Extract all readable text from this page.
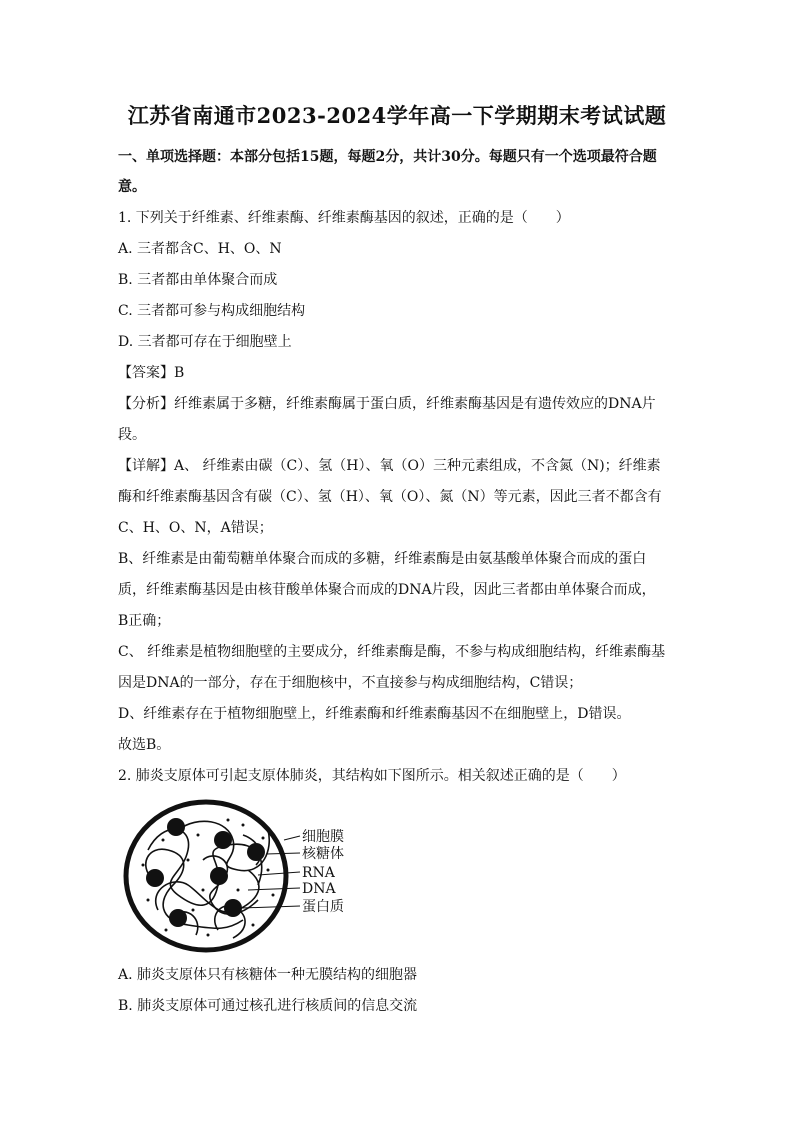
江苏省南通市2023-2024学年高一下学期期末考试试题
一、单项选择题：本部分包括15题，每题2分，共计30分。每题只有一个选项最符合题
意。
1. 下列关于纤维素、纤维素酶、纤维素酶基因的叙述，正确的是（　　）
A. 三者都含C、H、O、N
B. 三者都由单体聚合而成
C. 三者都可参与构成细胞结构
D. 三者都可存在于细胞壁上
【答案】B
【分析】纤维素属于多糖，纤维素酶属于蛋白质，纤维素酶基因是有遗传效应的DNA片
段。
【详解】A、 纤维素由碳（C）、氢（H）、氧（O）三种元素组成，不含氮（N)；纤维素
酶和纤维素酶基因含有碳（C）、氢（H）、氧（O）、氮（N）等元素，因此三者不都含有
C、H、O、N，A错误；
B、纤维素是由葡萄糖单体聚合而成的多糖，纤维素酶是由氨基酸单体聚合而成的蛋白
质，纤维素酶基因是由核苷酸单体聚合而成的DNA片段，因此三者都由单体聚合而成，
B正确；
C、 纤维素是植物细胞壁的主要成分，纤维素酶是酶，不参与构成细胞结构，纤维素酶基
因是DNA的一部分，存在于细胞核中，不直接参与构成细胞结构，C错误；
D、纤维素存在于植物细胞壁上，纤维素酶和纤维素酶基因不在细胞壁上，D错误。
故选B。
2. 肺炎支原体可引起支原体肺炎，其结构如下图所示。相关叙述正确的是（　　）
细胞膜
核糖体
RNA
DNA
蛋白质
A. 肺炎支原体只有核糖体一种无膜结构的细胞器
B. 肺炎支原体可通过核孔进行核质间的信息交流
